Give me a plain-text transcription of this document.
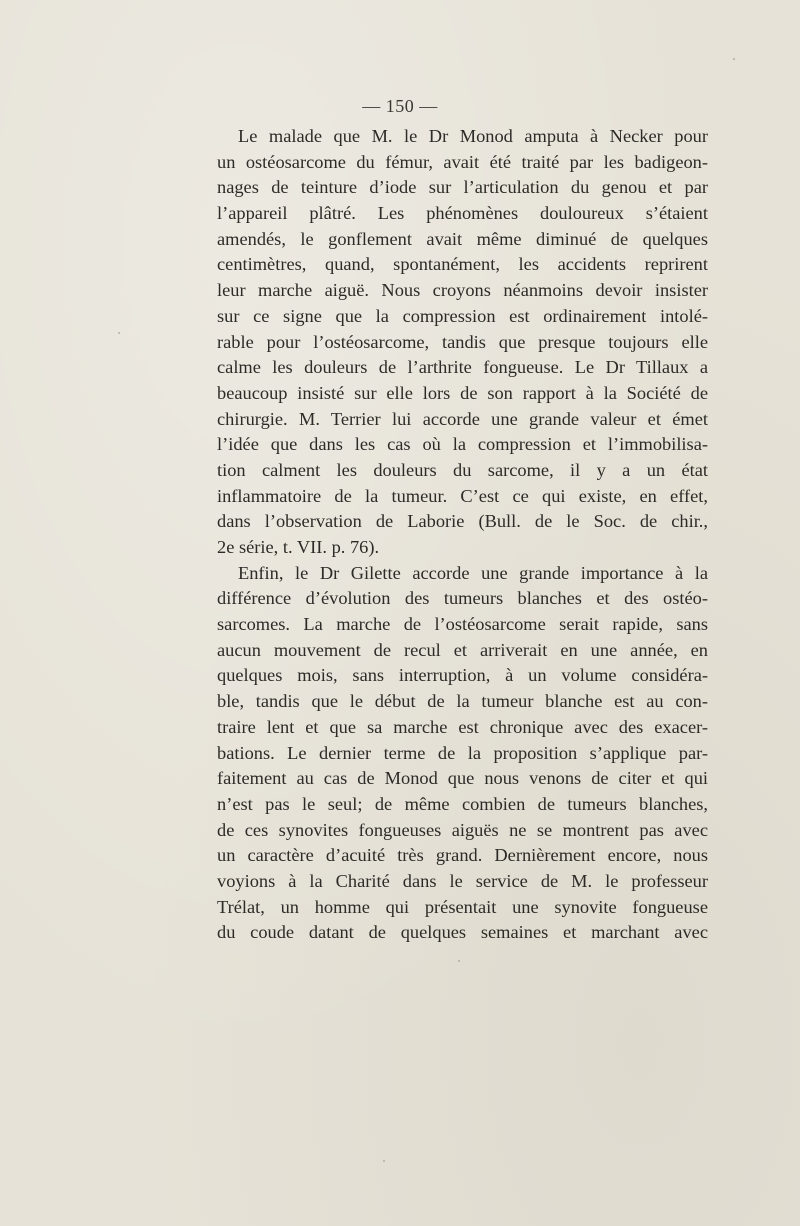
— 150 —
Le malade que M. le Dr Monod amputa à Necker pour
un ostéosarcome du fémur, avait été traité par les badigeon-
nages de teinture d’iode sur l’articulation du genou et par
l’appareil plâtré. Les phénomènes douloureux s’étaient
amendés, le gonflement avait même diminué de quelques
centimètres, quand, spontanément, les accidents reprirent
leur marche aiguë. Nous croyons néanmoins devoir insister
sur ce signe que la compression est ordinairement intolé-
rable pour l’ostéosarcome, tandis que presque toujours elle
calme les douleurs de l’arthrite fongueuse. Le Dr Tillaux a
beaucoup insisté sur elle lors de son rapport à la Société de
chirurgie. M. Terrier lui accorde une grande valeur et émet
l’idée que dans les cas où la compression et l’immobilisa-
tion calment les douleurs du sarcome, il y a un état
inflammatoire de la tumeur. C’est ce qui existe, en effet,
dans l’observation de Laborie (Bull. de le Soc. de chir.,
2e série, t. VII. p. 76).
Enfin, le Dr Gilette accorde une grande importance à la
différence d’évolution des tumeurs blanches et des ostéo-
sarcomes. La marche de l’ostéosarcome serait rapide, sans
aucun mouvement de recul et arriverait en une année, en
quelques mois, sans interruption, à un volume considéra-
ble, tandis que le début de la tumeur blanche est au con-
traire lent et que sa marche est chronique avec des exacer-
bations. Le dernier terme de la proposition s’applique par-
faitement au cas de Monod que nous venons de citer et qui
n’est pas le seul; de même combien de tumeurs blanches,
de ces synovites fongueuses aiguës ne se montrent pas avec
un caractère d’acuité très grand. Dernièrement encore, nous
voyions à la Charité dans le service de M. le professeur
Trélat, un homme qui présentait une synovite fongueuse
du coude datant de quelques semaines et marchant avec
